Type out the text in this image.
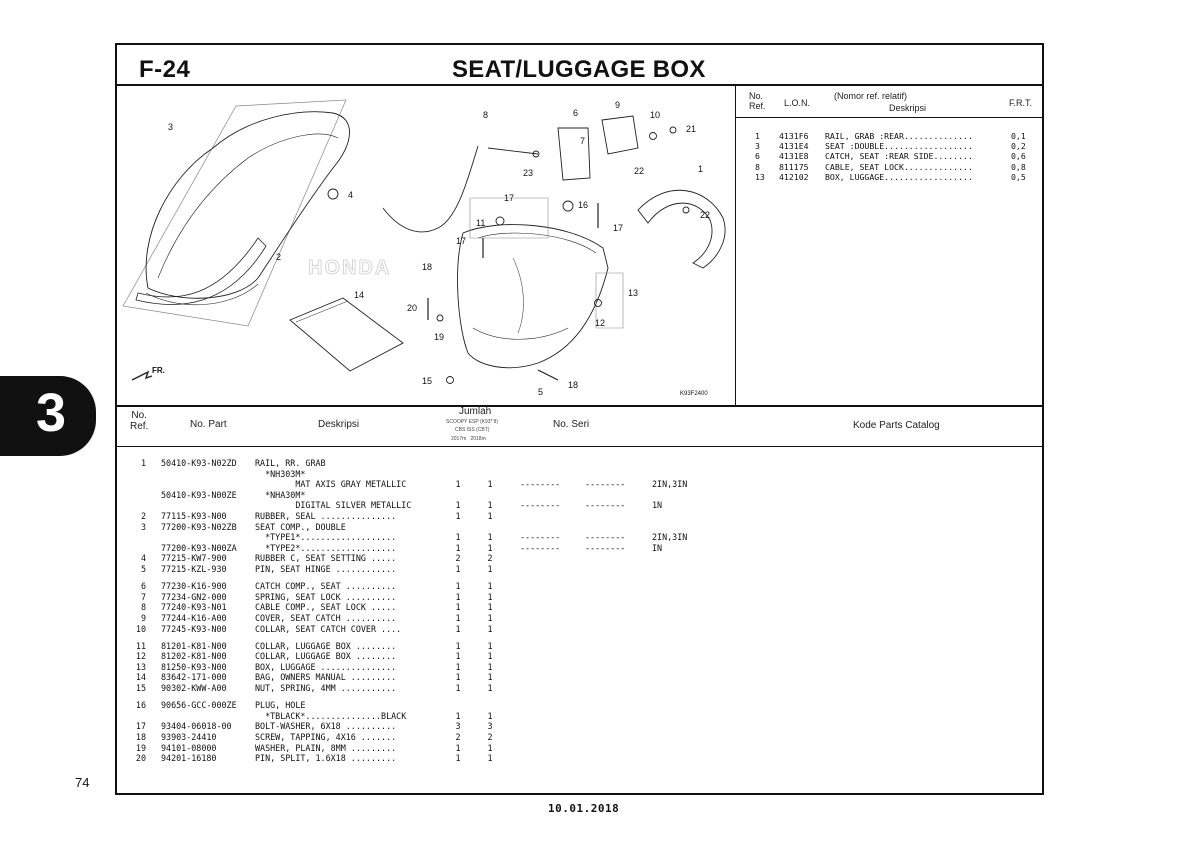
3
74
F-24	SEAT/LUGGAGE BOX
HONDA
1
2
3
4
5
6
7
8
9
10
11
12
13
14
15
16
17
17
17
18
18
19
20
21
22
22
23
FR.
K93F2400
No.
Ref. L.O.N.
(Nomor ref. relatif)
Deskripsi	F.R.T.
1 4131F6 RAIL, GRAB :REAR..............	0,1
3 4131E4 SEAT :DOUBLE..................	0,2
6 4131E8 CATCH, SEAT :REAR SIDE........	0,6
8 811175 CABLE, SEAT LOCK..............	0,8
13 412102 BOX, LUGGAGE..................	0,5
No.
Ref.	No. Part	Deskripsi
Jumlah
SCOOPY ESP (K93*’II)
CBS ISS (CBT)
2017m   2018m
No. Seri	Kode Parts Catalog
1 50410-K93-N02ZD RAIL, RR. GRAB
*NH303M*
MAT AXIS GRAY METALLIC	1	1	--------	--------	2IN,3IN
50410-K93-N00ZE *NHA30M*
DIGITAL SILVER METALLIC	1	1	--------	--------	1N
2 77115-K93-N00	RUBBER, SEAL ...............	1	1
3 77200-K93-N02ZB SEAT COMP., DOUBLE
*TYPE1*...................	1	1	--------	--------	2IN,3IN
77200-K93-N00ZA *TYPE2*...................	1	1	--------	--------	IN
4 77215-KW7-900	RUBBER C, SEAT SETTING .....	2	2
5 77215-KZL-930	PIN, SEAT HINGE ............	1	1
6 77230-K16-900	CATCH COMP., SEAT ..........	1	1
7 77234-GN2-000	SPRING, SEAT LOCK ..........	1	1
8 77240-K93-N01	CABLE COMP., SEAT LOCK .....	1	1
9 77244-K16-A00	COVER, SEAT CATCH ..........	1	1
10 77245-K93-N00	COLLAR, SEAT CATCH COVER ....	1	1
11 81201-K81-N00	COLLAR, LUGGAGE BOX ........	1	1
12 81202-K81-N00	COLLAR, LUGGAGE BOX ........	1	1
13 81250-K93-N00	BOX, LUGGAGE ...............	1	1
14 83642-171-000	BAG, OWNERS MANUAL .........	1	1
15 90302-KWW-A00	NUT, SPRING, 4MM ...........	1	1
16 90656-GCC-000ZE PLUG, HOLE
*TBLACK*...............BLACK	1	1
17 93404-06018-00	BOLT-WASHER, 6X18 ..........	3	3
18 93903-24410	SCREW, TAPPING, 4X16 .......	2	2
19 94101-08000	WASHER, PLAIN, 8MM .........	1	1
20 94201-16180	PIN, SPLIT, 1.6X18 .........	1	1
10.01.2018
